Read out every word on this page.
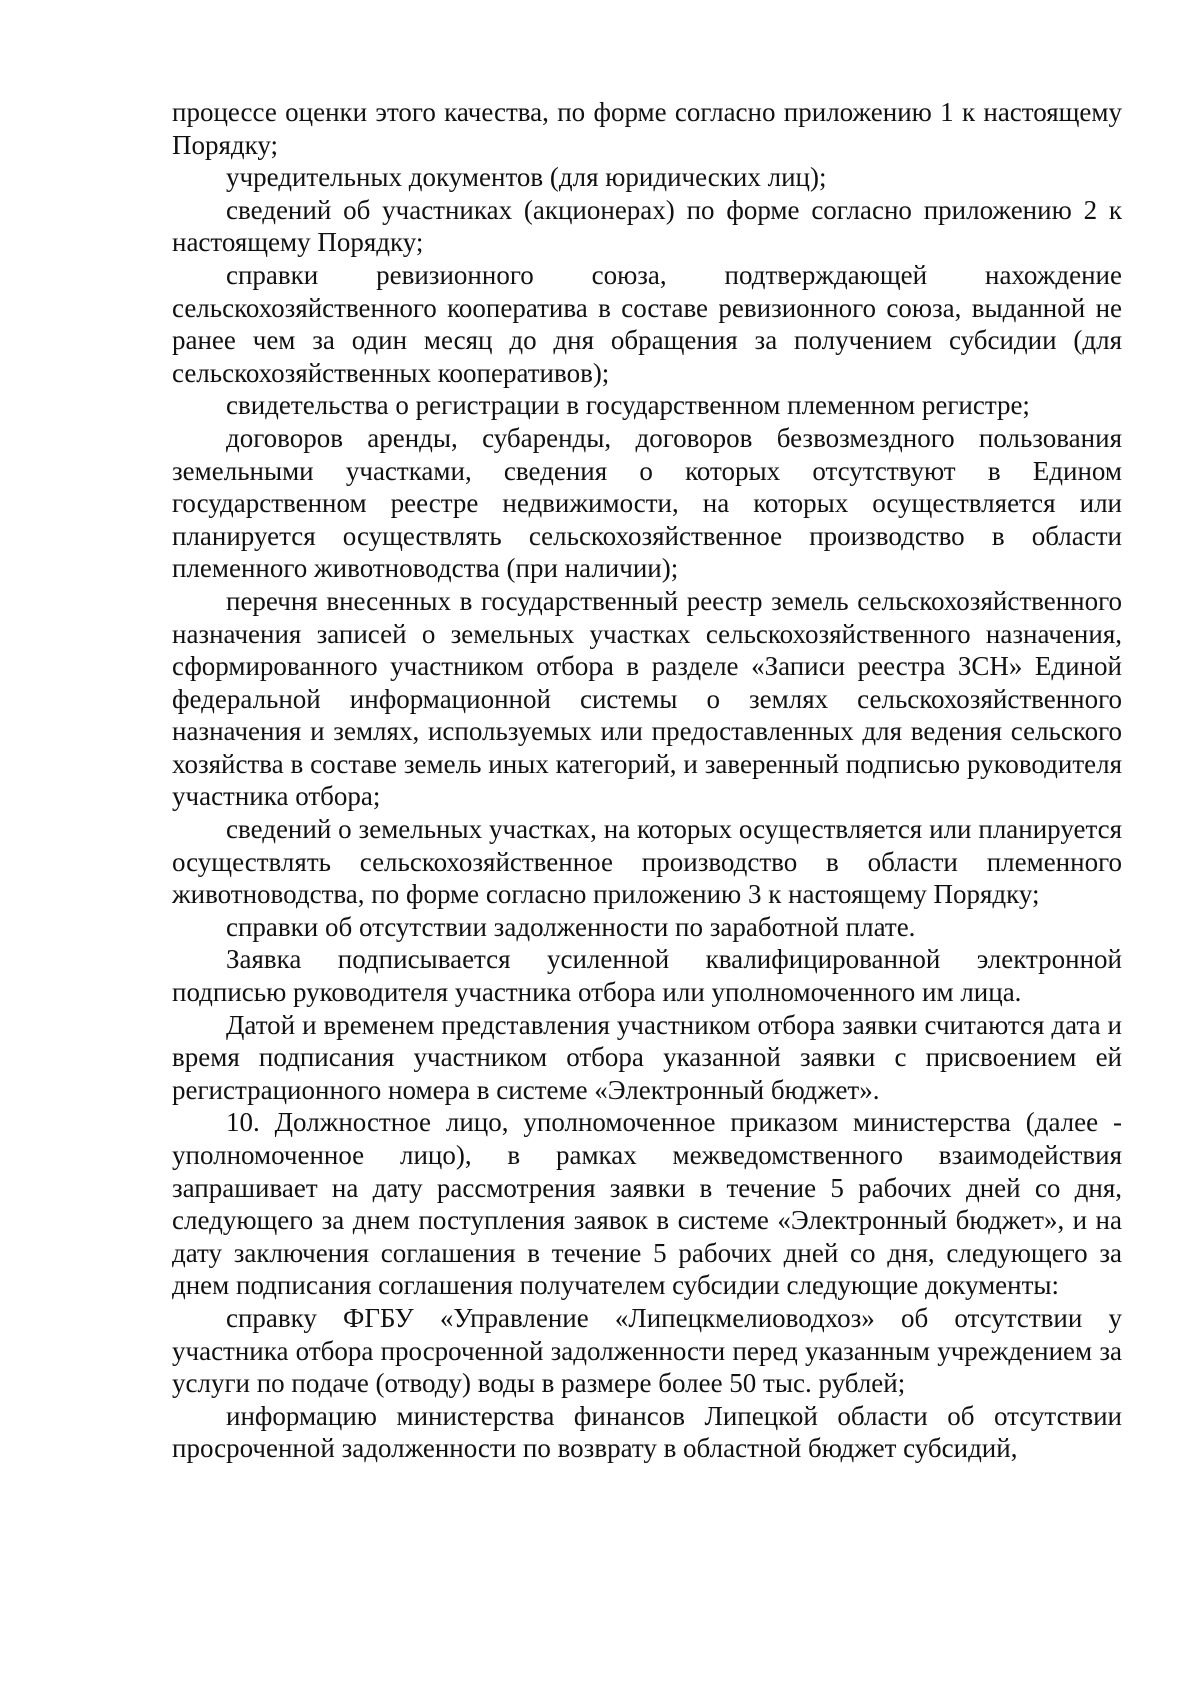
процессе оценки этого качества, по форме согласно приложению 1 к настоящему Порядку;

учредительных документов (для юридических лиц);

сведений об участниках (акционерах) по форме согласно приложению 2 к настоящему Порядку;

справки ревизионного союза, подтверждающей нахождение сельскохозяйственного кооператива в составе ревизионного союза, выданной не ранее чем за один месяц до дня обращения за получением субсидии (для сельскохозяйственных кооперативов);

свидетельства о регистрации в государственном племенном регистре;

договоров аренды, субаренды, договоров безвозмездного пользования земельными участками, сведения о которых отсутствуют в Едином государственном реестре недвижимости, на которых осуществляется или планируется осуществлять сельскохозяйственное производство в области племенного животноводства (при наличии);

перечня внесенных в государственный реестр земель сельскохозяйственного назначения записей о земельных участках сельскохозяйственного назначения, сформированного участником отбора в разделе «Записи реестра ЗСН» Единой федеральной информационной системы о землях сельскохозяйственного назначения и землях, используемых или предоставленных для ведения сельского хозяйства в составе земель иных категорий, и заверенный подписью руководителя участника отбора;

сведений о земельных участках, на которых осуществляется или планируется осуществлять сельскохозяйственное производство в области племенного животноводства, по форме согласно приложению 3 к настоящему Порядку;

справки об отсутствии задолженности по заработной плате.

Заявка подписывается усиленной квалифицированной электронной подписью руководителя участника отбора или уполномоченного им лица.

Датой и временем представления участником отбора заявки считаются дата и время подписания участником отбора указанной заявки с присвоением ей регистрационного номера в системе «Электронный бюджет».

10. Должностное лицо, уполномоченное приказом министерства (далее - уполномоченное лицо), в рамках межведомственного взаимодействия запрашивает на дату рассмотрения заявки в течение 5 рабочих дней со дня, следующего за днем поступления заявок в системе «Электронный бюджет», и на дату заключения соглашения в течение 5 рабочих дней со дня, следующего за днем подписания соглашения получателем субсидии следующие документы:

справку ФГБУ «Управление «Липецкмелиоводхоз» об отсутствии у участника отбора просроченной задолженности перед указанным учреждением за услуги по подаче (отводу) воды в размере более 50 тыс. рублей;

информацию министерства финансов Липецкой области об отсутствии просроченной задолженности по возврату в областной бюджет субсидий,
